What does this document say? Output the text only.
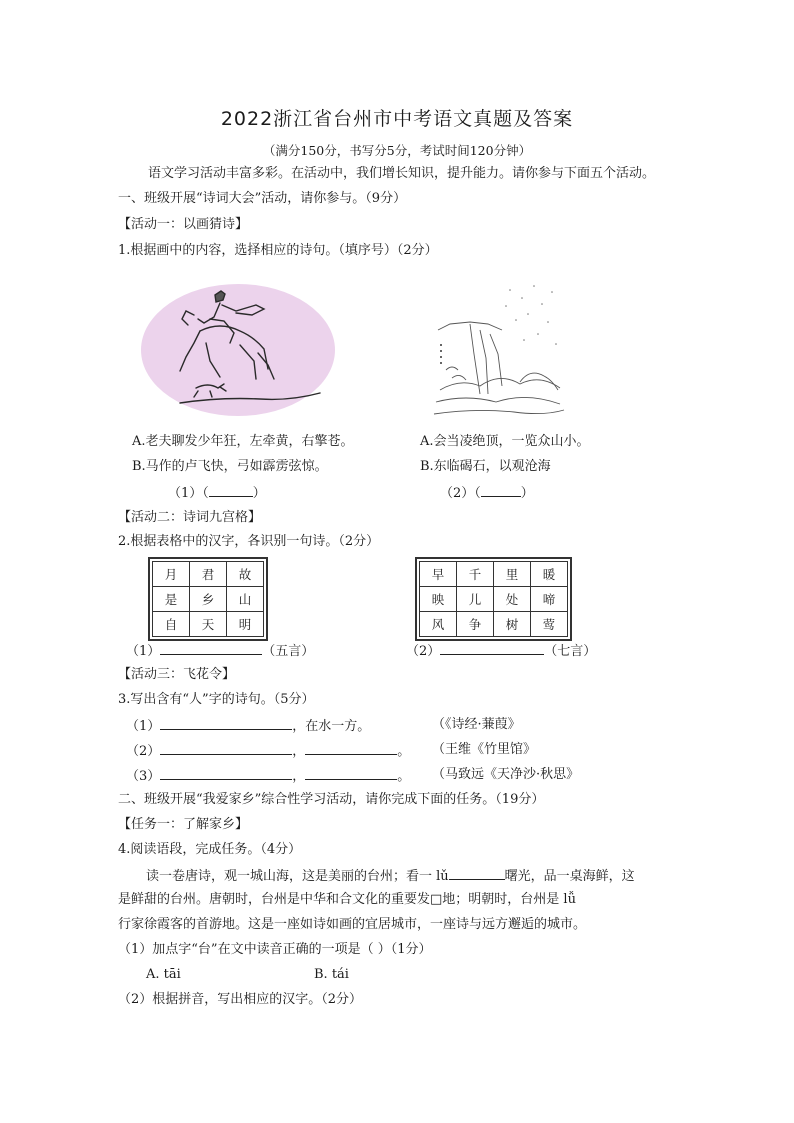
2022浙江省台州市中考语文真题及答案
（满分150分，书写分5分，考试时间120分钟）
语文学习活动丰富多彩。在活动中，我们增长知识，提升能力。请你参与下面五个活动。
一、班级开展“诗词大会”活动，请你参与。（9分）
【活动一：以画猜诗】
1.根据画中的内容，选择相应的诗句。（填序号）（2分）
A.老夫聊发少年狂，左牵黄，右擎苍。
B.马作的卢飞快，弓如霹雳弦惊。
A.会当凌绝顶，一览众山小。
B.东临碣石，以观沧海
（1）（	）	（2）（	）
【活动二：诗词九宫格】
2.根据表格中的汉字，各识别一句诗。（2分）
月	君	故
是	乡	山
自	天	明
早	千	里	暖
映	儿	处	啼
风	争	树	莺
（1）	（五言）	（2）	（七言）
【活动三：飞花令】
3.写出含有“人”字的诗句。（5分）
（1）	，在水一方。	（《诗经·蒹葭》
（2）	，	。 （王维《竹里馆》
（3）	，	。 （马致远《天净沙·秋思》
二、班级开展“我爱家乡”综合性学习活动，请你完成下面的任务。（19分）
【任务一：了解家乡】
4.阅读语段，完成任务。（4分）
读一卷唐诗，观一城山海，这是美丽的台州；看一 lǔ	曙光，品一桌海鲜，这
是鲜甜的台州。唐朝时，台州是中华和合文化的重要发□地；明朝时，台州是 lǚ
行家徐霞客的首游地。这是一座如诗如画的宜居城市，一座诗与远方邂逅的城市。
（1）加点字“台”在文中读音正确的一项是（ ）（1分）
A. tāi	B. tái
（2）根据拼音，写出相应的汉字。（2分）
